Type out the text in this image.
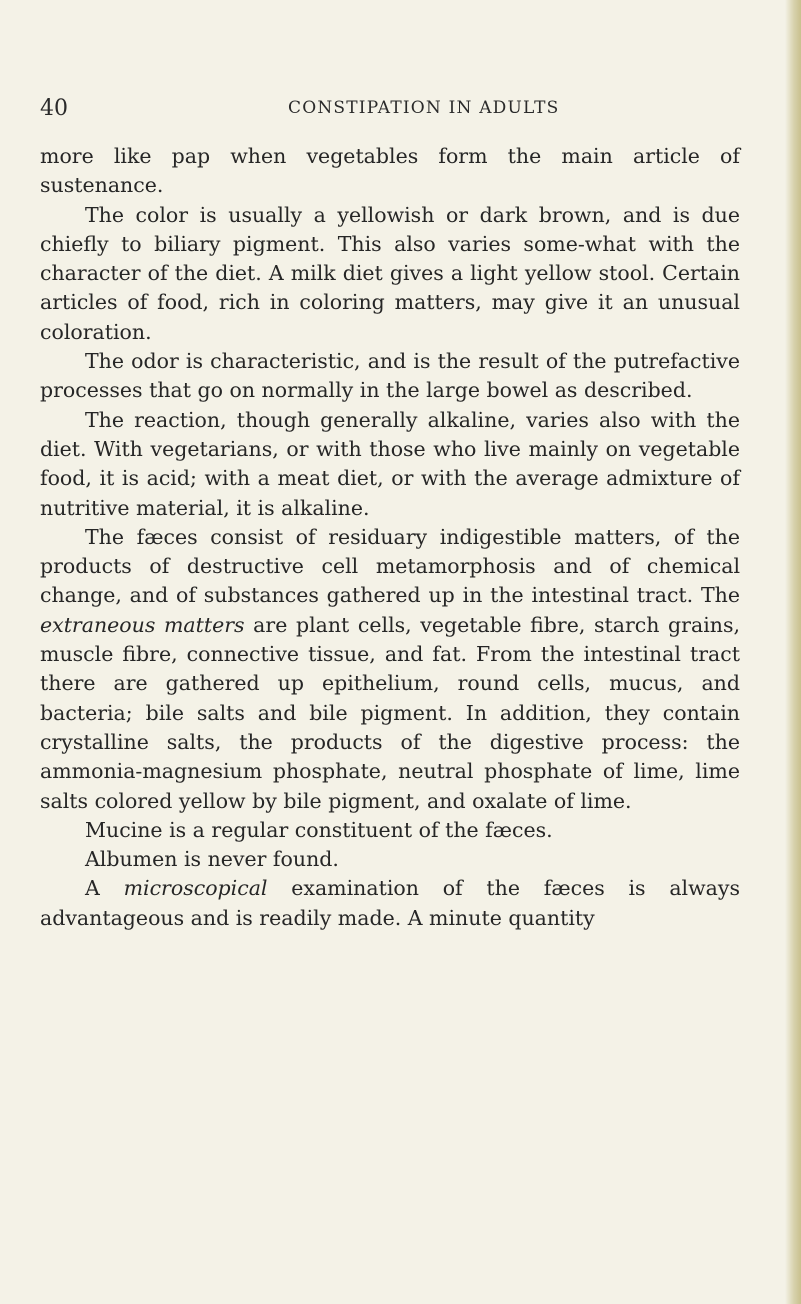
40	CONSTIPATION IN ADULTS

more like pap when vegetables form the main article of sustenance.

The color is usually a yellowish or dark brown, and is due chiefly to biliary pigment. This also varies some-what with the character of the diet. A milk diet gives a light yellow stool. Certain articles of food, rich in coloring matters, may give it an unusual coloration.

The odor is characteristic, and is the result of the putrefactive processes that go on normally in the large bowel as described.

The reaction, though generally alkaline, varies also with the diet. With vegetarians, or with those who live mainly on vegetable food, it is acid; with a meat diet, or with the average admixture of nutritive material, it is alkaline.

The fæces consist of residuary indigestible matters, of the products of destructive cell metamorphosis and of chemical change, and of substances gathered up in the intestinal tract. The extraneous matters are plant cells, vegetable fibre, starch grains, muscle fibre, connective tissue, and fat. From the intestinal tract there are gathered up epithelium, round cells, mucus, and bacteria; bile salts and bile pigment. In addition, they contain crystalline salts, the products of the digestive process: the ammonia-magnesium phosphate, neutral phosphate of lime, lime salts colored yellow by bile pigment, and oxalate of lime.

Mucine is a regular constituent of the fæces.

Albumen is never found.

A microscopical examination of the fæces is always advantageous and is readily made. A minute quantity
